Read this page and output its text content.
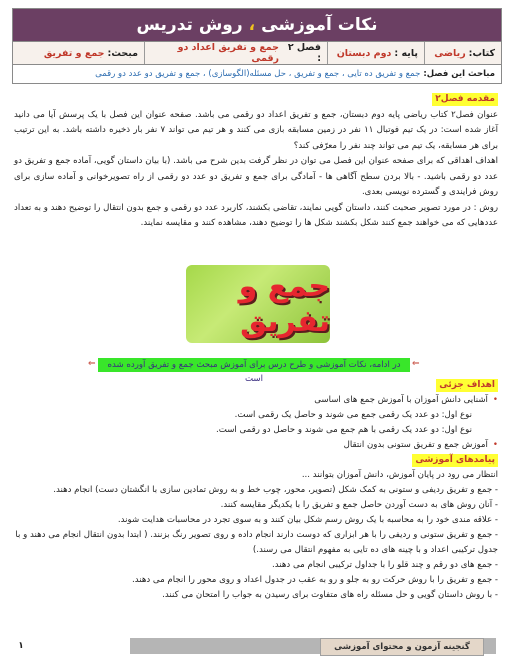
نکات آموزشی
،
روش تدریس
کتاب:
ریاضی
پایه :
دوم دبستان
فصل ۲ :
جمع و تفریق اعداد دو رقمی
مبحث:
جمع و تفریق
مباحث این فصل:
جمع و تفریق ده تایی ، جمع و تفریق ، حل مسئله(الگوسازی) ، جمع و تفریق دو عدد دو رقمی
مقدمه فصل۲

عنوان فصل۲ کتاب ریاضی پایه دوم دبستان، جمع و تفریق اعداد دو رقمی می باشد. صفحه عنوان این فصل با یک پرسش آیا می دانید آغاز شده است: در یک تیم فوتبال ۱۱ نفر در زمین مسابقه بازی می کنند و هر تیم می تواند ۷ نفر بار ذخیره داشته باشد. به این ترتیب برای هر مسابقه، یک تیم می تواند چند نفر را معرّفی کند؟

اهداف اهداقی که برای صفحه عنوان این فصل می توان در نظر گرفت بدین شرح می باشد. (با بیان داستان گویی، آماده جمع و تفریق دو عدد دو رقمی باشید. - بالا بردن سطح آگاهی ها - آمادگی برای جمع و تفریق دو عدد دو رقمی از راه تصویرخوانی و آماده سازی برای روش فرایندی و گسترده نویسی بعدی.

روش : در مورد تصویر صحبت کنند، داستان گویی نمایند، تقاضی بکشند، کاربرد عدد دو رقمی و جمع بدون انتقال را توضیح دهند و به تعداد عددهایی که می خواهند جمع کنند شکل بکشند شکل ها را توضیح دهند، مشاهده کنند و مقایسه نمایند.

جمع و تفریق
⇐	در ادامه، نکات آموزشی و طرح درس برای آموزش مبحث جمع و تفریق آورده شده است
⇐
اهداف جزئی
•
آشنایی دانش آموزان با آموزش جمع های اساسی
نوع اول: دو عدد یک رقمی جمع می شوند و حاصل یک رقمی است.
نوع اول: دو عدد یک رقمی با هم جمع می شوند و حاصل دو رقمی است.
•
آموزش جمع و تفریق ستونی بدون انتقال
پیامدهای آموزشی
انتظار می رود در پایان آموزش، دانش آموزان بتوانند ...
- جمع و تفریق ردیفی و ستونی به کمک شکل (تصویر، محور، چوب خط و به روش تمادین سازی با انگشتان دست) انجام دهند.
- آنان روش های به دست آوردن حاصل جمع و تفریق را با یکدیگر مقایسه کنند.
- علاقه مندی خود را به محاسبه با یک روش رسم شکل بیان کنند و به سوی تجرد در محاسبات هدایت شوند.
- جمع و تفریق ستونی و ردیفی را با هر ابزاری که دوست دارند انجام داده و روی تصویر رنگ بزنند. ( ابتدا بدون انتقال انجام می دهند و با جدول ترکیبی اعداد و با چینه های ده تایی به مفهوم انتقال می رسند.)
- جمع های دو رقم و چند قلو را با جداول ترکیبی انجام می دهند.
- جمع و تفریق را با روش حرکت رو به جلو و رو به عقب در جدول اعداد و روی محور را انجام می دهند.
- با روش داستان گویی و حل مسئله راه های متفاوت برای رسیدن به جواب را امتحان می کنند.
گنجینه آزمون و محتوای آموزشی
١
